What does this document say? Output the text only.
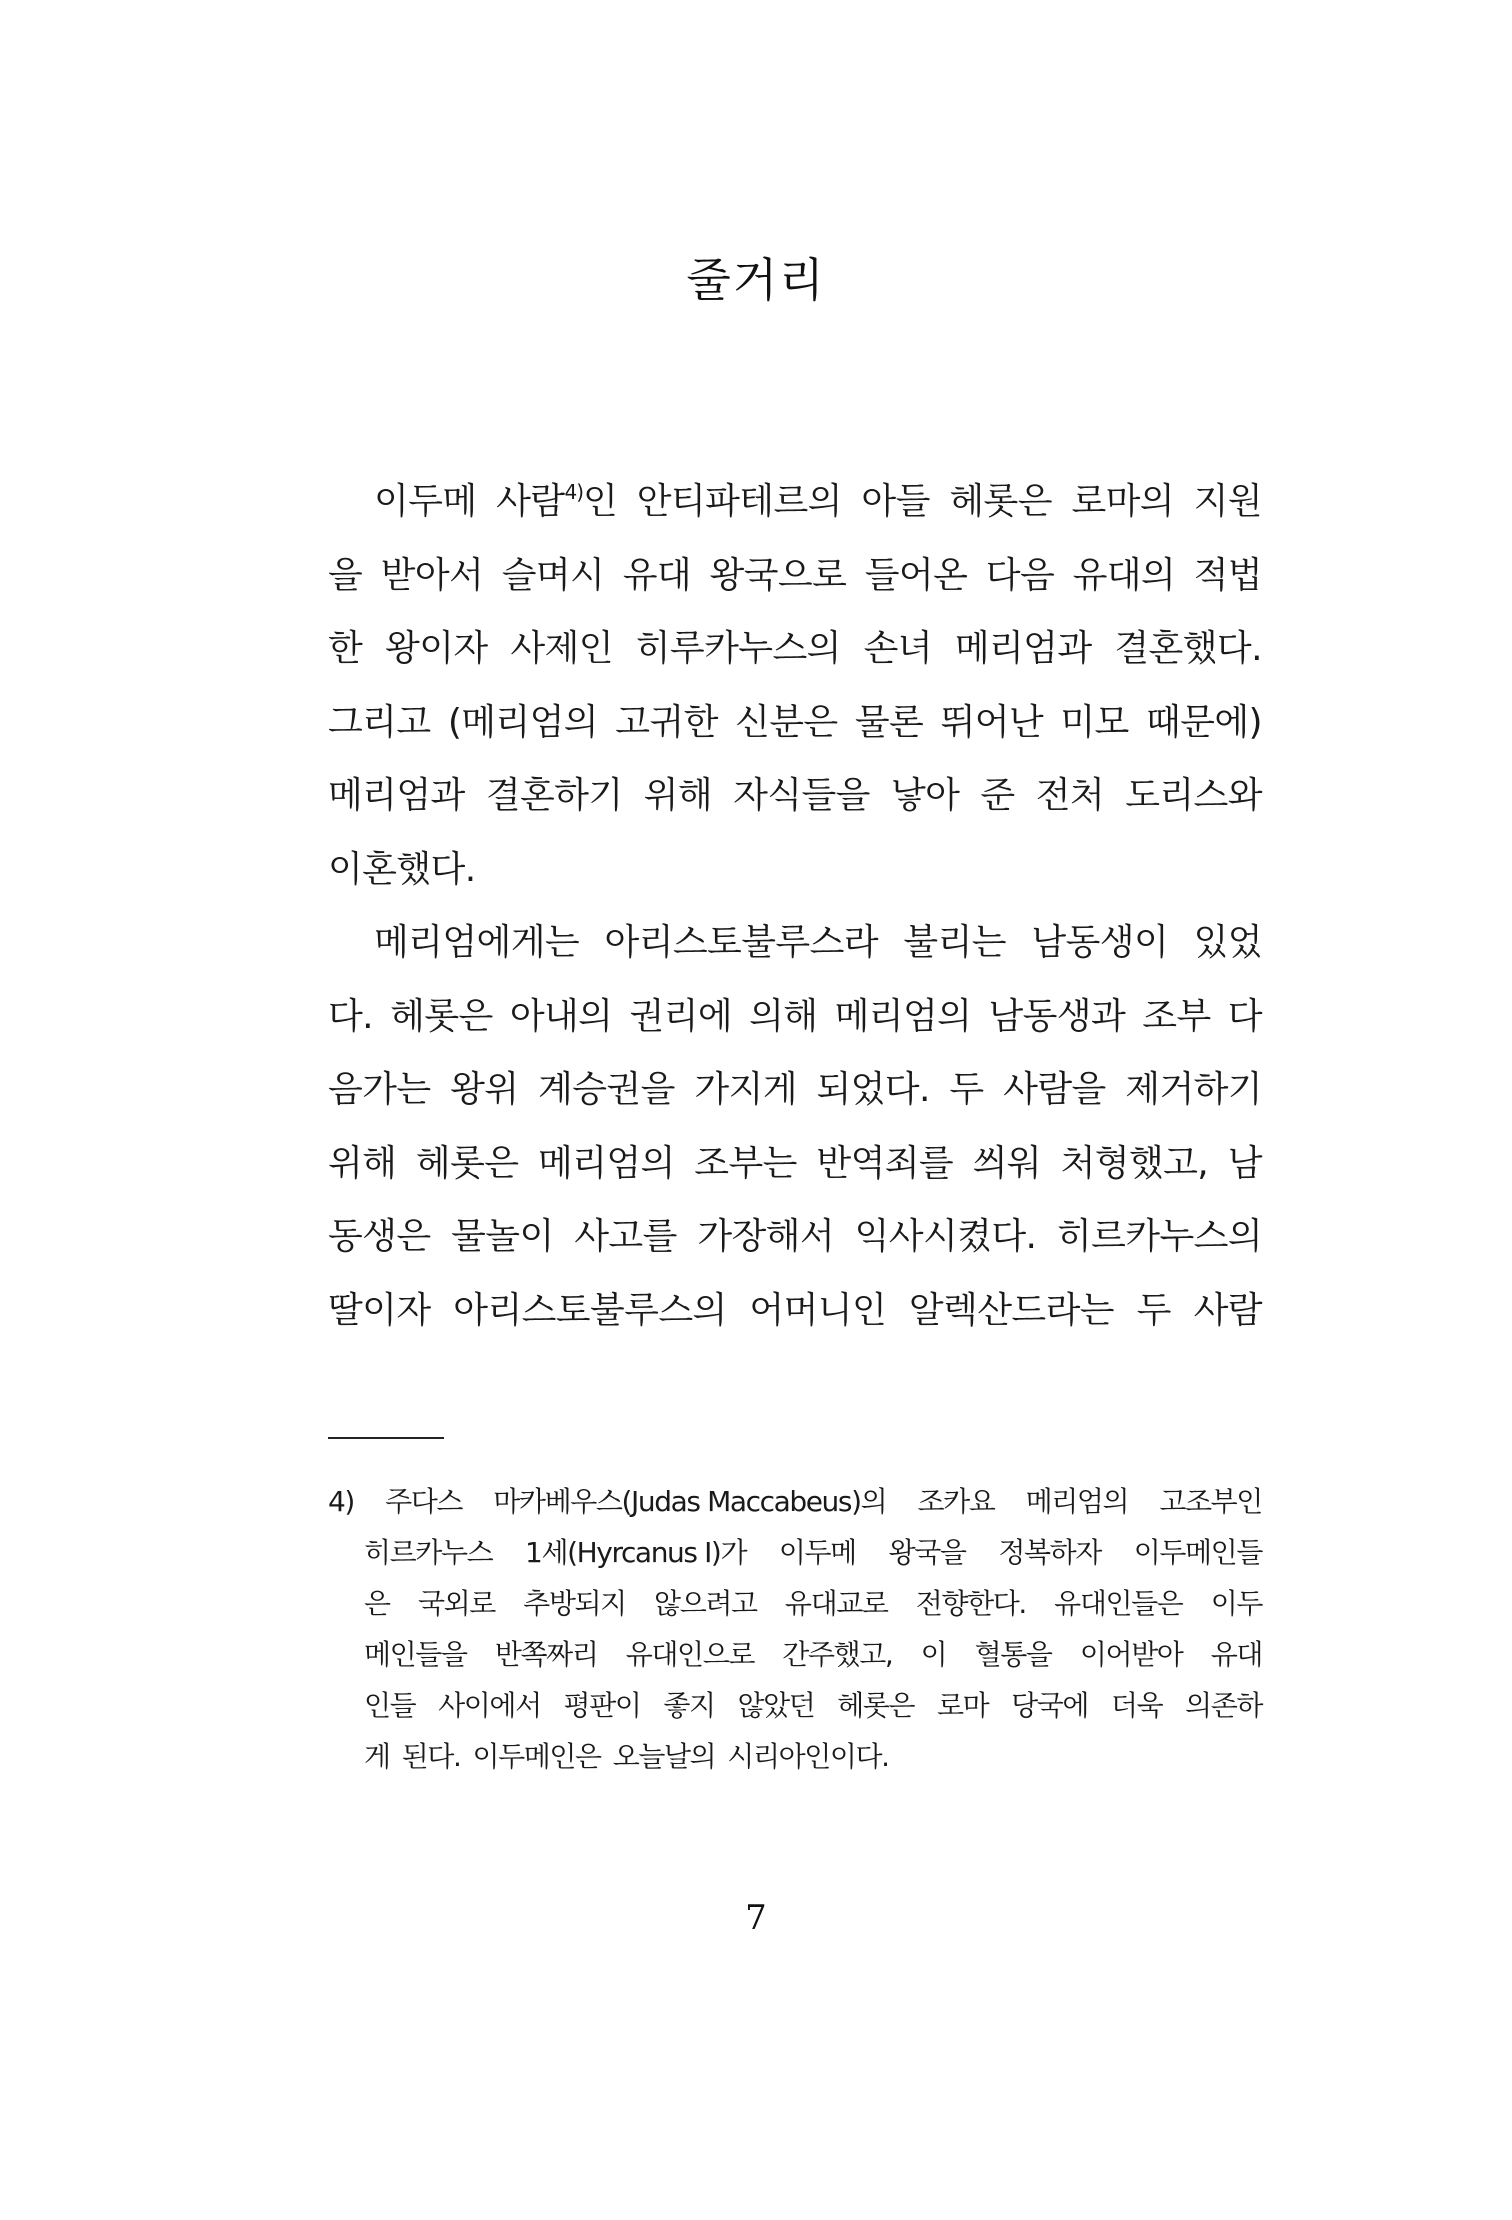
줄거리
이두메 사람$^{4)}$인 안티파테르의 아들 헤롯은 로마의 지원
을 받아서 슬며시 유대 왕국으로 들어온 다음 유대의 적법
한 왕이자 사제인 히루카누스의 손녀 메리엄과 결혼했다.
그리고 (메리엄의 고귀한 신분은 물론 뛰어난 미모 때문에)
메리엄과 결혼하기 위해 자식들을 낳아 준 전처 도리스와
이혼했다.
메리엄에게는 아리스토불루스라 불리는 남동생이 있었
다. 헤롯은 아내의 권리에 의해 메리엄의 남동생과 조부 다
음가는 왕위 계승권을 가지게 되었다. 두 사람을 제거하기
위해 헤롯은 메리엄의 조부는 반역죄를 씌워 처형했고, 남
동생은 물놀이 사고를 가장해서 익사시켰다. 히르카누스의
딸이자 아리스토불루스의 어머니인 알렉산드라는 두 사람
4) 주다스 마카베우스(Judas Maccabeus)의 조카요 메리엄의 고조부인
히르카누스 1세(Hyrcanus I)가 이두메 왕국을 정복하자 이두메인들
은 국외로 추방되지 않으려고 유대교로 전향한다. 유대인들은 이두
메인들을 반쪽짜리 유대인으로 간주했고, 이 혈통을 이어받아 유대
인들 사이에서 평판이 좋지 않았던 헤롯은 로마 당국에 더욱 의존하
게 된다. 이두메인은 오늘날의 시리아인이다.
7
